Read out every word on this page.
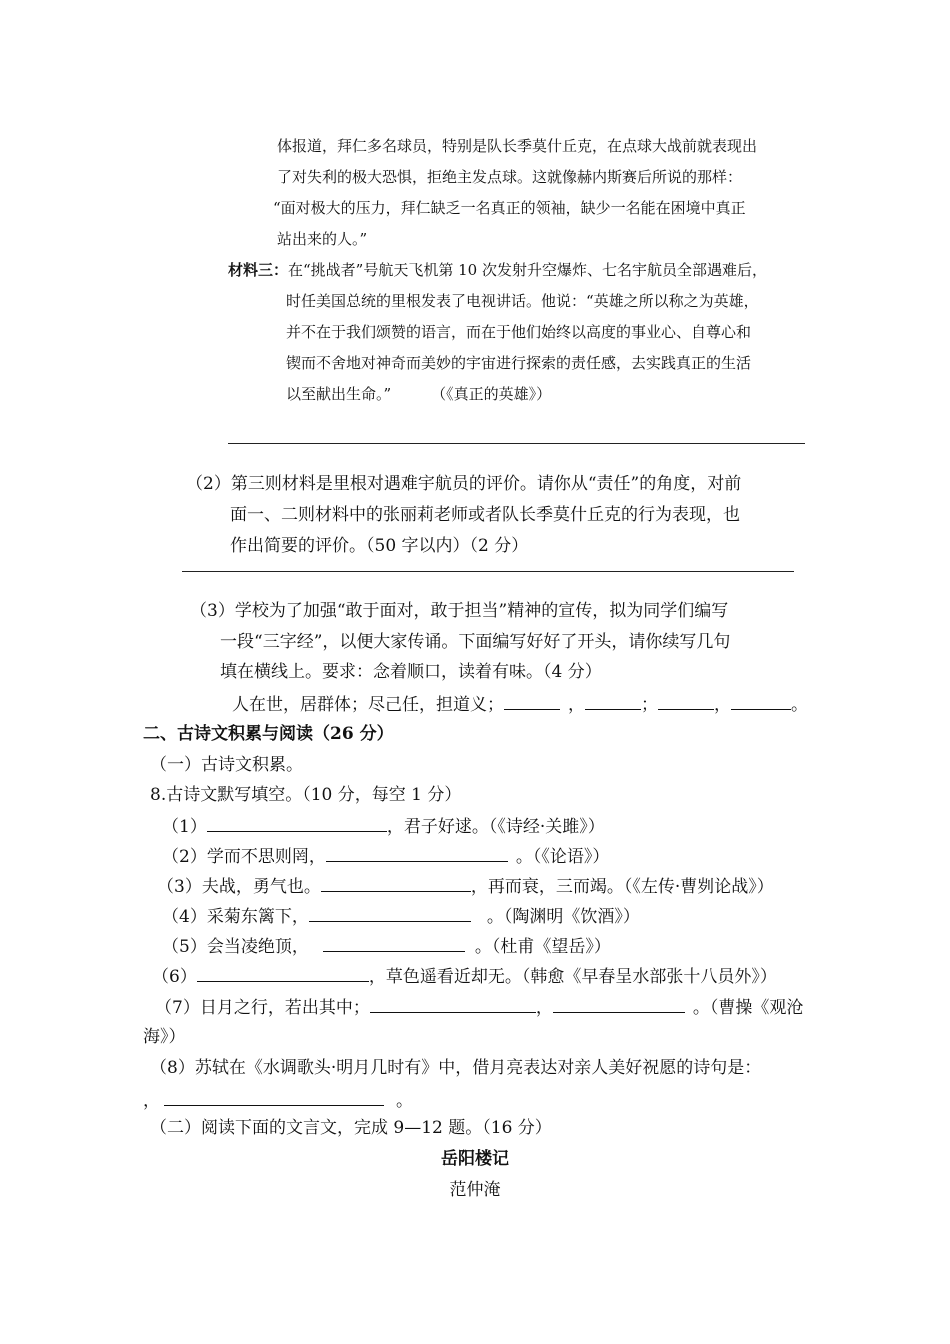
体报道，拜仁多名球员，特别是队长季莫什丘克，在点球大战前就表现出
了对失利的极大恐惧，拒绝主发点球。这就像赫内斯赛后所说的那样：
“面对极大的压力，拜仁缺乏一名真正的领袖，缺少一名能在困境中真正
站出来的人。”
材料三：在“挑战者”号航天飞机第 10 次发射升空爆炸、七名宇航员全部遇难后，
时任美国总统的里根发表了电视讲话。他说：“英雄之所以称之为英雄，
并不在于我们颂赞的语言，而在于他们始终以高度的事业心、自尊心和
锲而不舍地对神奇而美妙的宇宙进行探索的责任感，去实践真正的生活
以至献出生命。”	（《真正的英雄》）
（2）第三则材料是里根对遇难宇航员的评价。请你从“责任”的角度，对前
面一、二则材料中的张丽莉老师或者队长季莫什丘克的行为表现，也
作出简要的评价。（50 字以内）（2 分）
（3）学校为了加强“敢于面对，敢于担当”精神的宣传，拟为同学们编写
一段“三字经”，以便大家传诵。下面编写好好了开头，请你续写几句
填在横线上。要求：念着顺口，读着有味。（4 分）
人在世，居群体；尽己任，担道义；	，	；	，	。
二、古诗文积累与阅读（26 分）
（一）古诗文积累。
8.古诗文默写填空。（10 分，每空 1 分）
（1）	，君子好逑。（《诗经·关雎》）
（2）学而不思则罔，	。（《论语》）
（3）夫战，勇气也。	，再而衰，三而竭。（《左传·曹刿论战》）
（4）采菊东篱下，	。（陶渊明《饮酒》）
（5）会当凌绝顶，	。（杜甫《望岳》）
（6）	，草色遥看近却无。（韩愈《早春呈水部张十八员外》）
（7）日月之行，若出其中；	，	。（曹操《观沧
海》）
（8）苏轼在《水调歌头·明月几时有》中，借月亮表达对亲人美好祝愿的诗句是：
，	。
（二）阅读下面的文言文，完成 9—12 题。（16 分）
岳阳楼记
范仲淹
